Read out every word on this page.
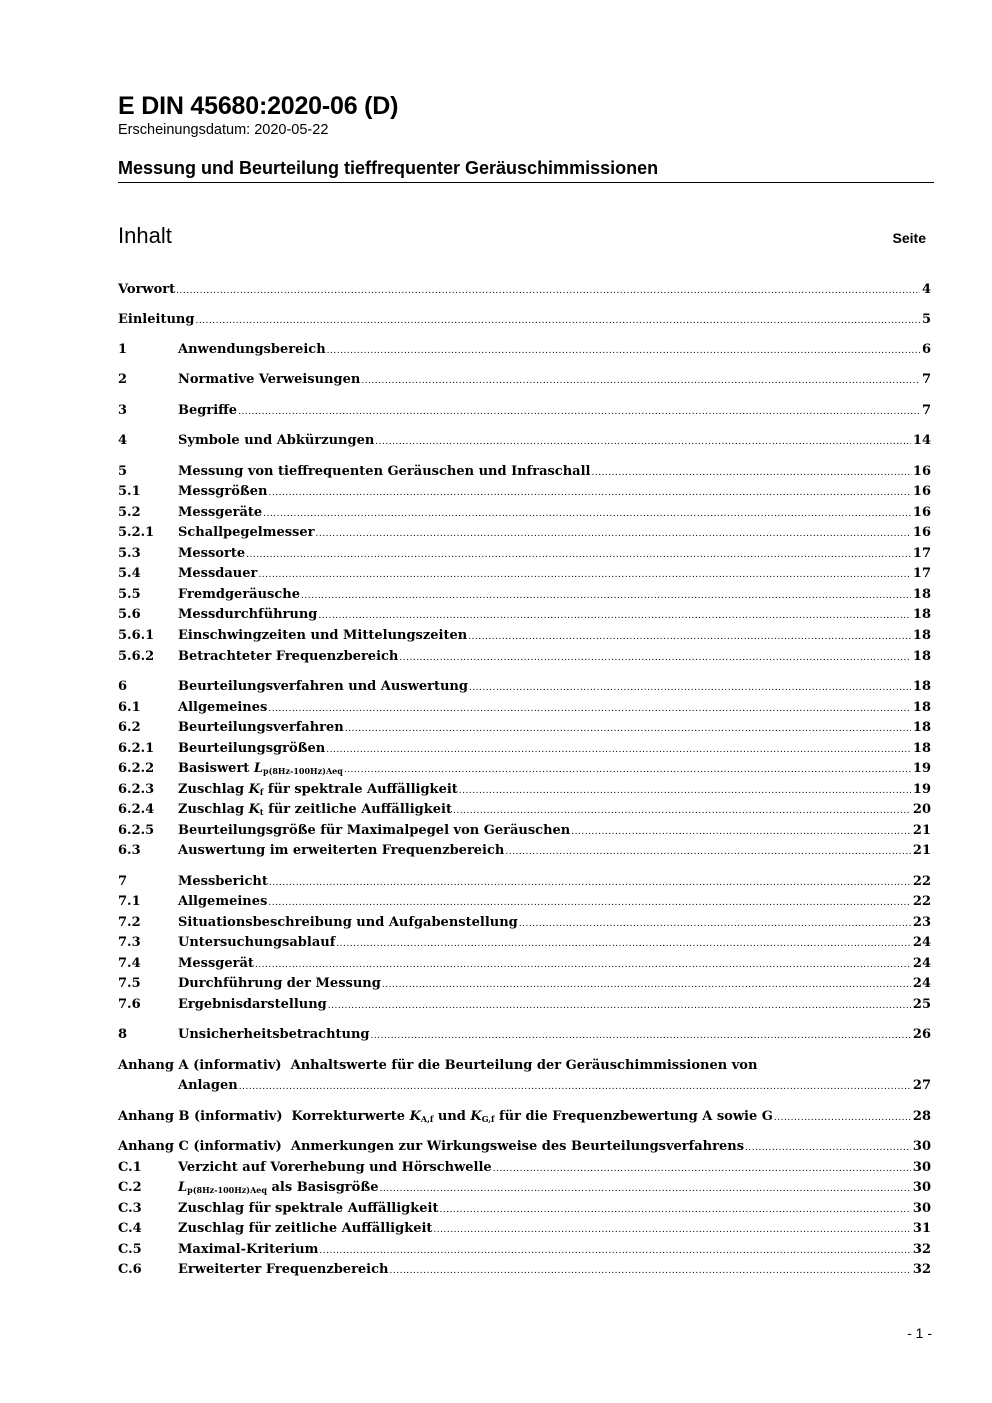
E DIN 45680:2020-06 (D)
Erscheinungsdatum: 2020-05-22
Messung und Beurteilung tieffrequenter Geräuschimmissionen
Inhalt	Seite
Vorwort .....	4
Einleitung .....	5
1	Anwendungsbereich .....	6
2	Normative Verweisungen .....	7
3	Begriffe .....	7
4	Symbole und Abkürzungen .....	14
5	Messung von tieffrequenten Geräuschen und Infraschall .....	16
5.1	Messgrößen .....	16
5.2	Messgeräte .....	16
5.2.1	Schallpegelmesser .....	16
5.3	Messorte .....	17
5.4	Messdauer .....	17
5.5	Fremdgeräusche .....	18
5.6	Messdurchführung .....	18
5.6.1	Einschwingzeiten und Mittelungszeiten .....	18
5.6.2	Betrachteter Frequenzbereich .....	18
6	Beurteilungsverfahren und Auswertung .....	18
6.1	Allgemeines .....	18
6.2	Beurteilungsverfahren .....	18
6.2.1	Beurteilungsgrößen .....	18
6.2.2	Basiswert $L_{p(8Hz-100Hz)Aeq}$ .....	19
6.2.3	Zuschlag $K_f$ für spektrale Auffälligkeit .....	19
6.2.4	Zuschlag $K_t$ für zeitliche Auffälligkeit .....	20
6.2.5	Beurteilungsgröße für Maximalpegel von Geräuschen .....	21
6.3	Auswertung im erweiterten Frequenzbereich .....	21
7	Messbericht .....	22
7.1	Allgemeines .....	22
7.2	Situationsbeschreibung und Aufgabenstellung .....	23
7.3	Untersuchungsablauf .....	24
7.4	Messgerät .....	24
7.5	Durchführung der Messung .....	24
7.6	Ergebnisdarstellung .....	25
8	Unsicherheitsbetrachtung .....	26
Anhang A (informativ)  Anhaltswerte für die Beurteilung der Geräuschimmissionen von
Anlagen .....	27
Anhang B (informativ)  Korrekturwerte $K_{A,f}$ und $K_{G,f}$ für die Frequenzbewertung A sowie G .....	28
Anhang C (informativ)  Anmerkungen zur Wirkungsweise des Beurteilungsverfahrens .....	30
C.1	Verzicht auf Vorerhebung und Hörschwelle .....	30
C.2	$L_{p(8Hz-100Hz)Aeq}$ als Basisgröße .....	30
C.3	Zuschlag für spektrale Auffälligkeit .....	30
C.4	Zuschlag für zeitliche Auffälligkeit .....	31
C.5	Maximal-Kriterium .....	32
C.6	Erweiterter Frequenzbereich .....	32
- 1 -
